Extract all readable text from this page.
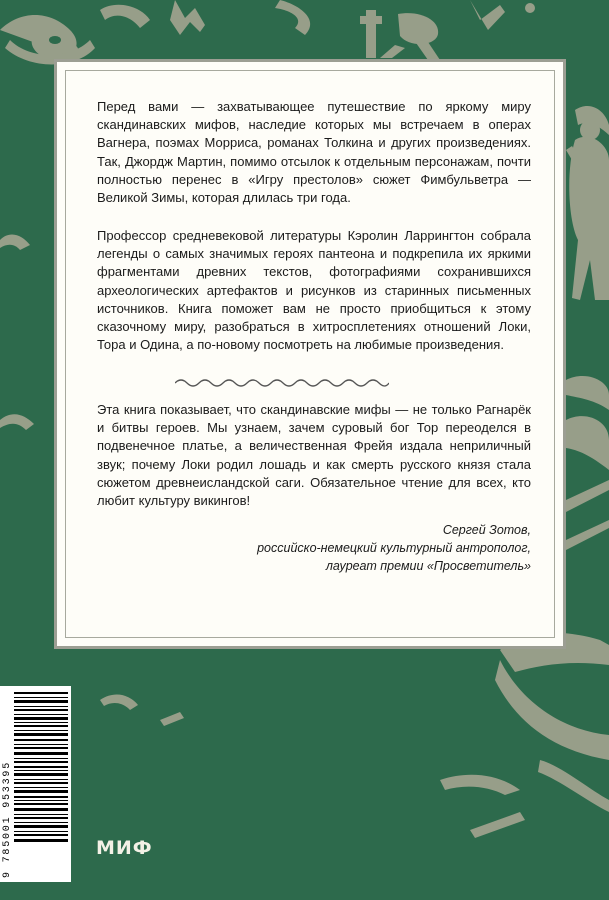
Перед вами — захватывающее путешествие по яркому миру скандинавских мифов, наследие которых мы встречаем в операх Вагнера, поэмах Морриса, романах Толкина и других произведениях. Так, Джордж Мартин, помимо отсылок к отдельным персонажам, почти полностью перенес в «Игру престолов» сюжет Фимбульветра — Великой Зимы, которая длилась три года.
Профессор средневековой литературы Кэролин Ларрингтон собрала легенды о самых значимых героях пантеона и подкрепила их яркими фрагментами древних текстов, фотографиями сохранившихся археологических артефактов и рисунков из старинных письменных источников. Книга поможет вам не просто приобщиться к этому сказочному миру, разобраться в хитросплетениях отношений Локи, Тора и Одина, а по-новому посмотреть на любимые произведения.
Эта книга показывает, что скандинавские мифы — не только Рагнарёк и битвы героев. Мы узнаем, зачем суровый бог Тор переоделся в подвенечное платье, а величественная Фрейя издала неприличный звук; почему Локи родил лошадь и как смерть русского князя стала сюжетом древнеисландской саги. Обязательное чтение для всех, кто любит культуру викингов!
Сергей Зотов,
российско-немецкий культурный антрополог,
лауреат премии «Просветитель»
9 785001 953395	МИФ
